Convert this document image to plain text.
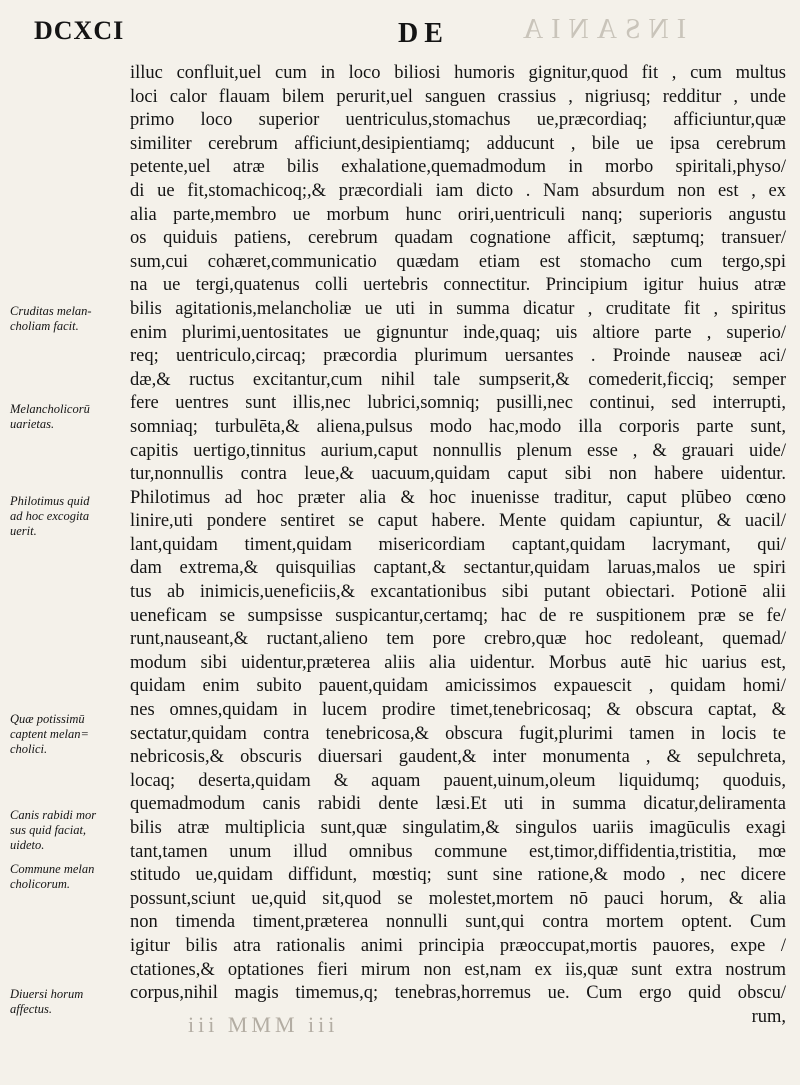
INSANIA
DCXCI	DE

Cruditas melan-
choliam facit.
Melancholicorū
uarietas.
Philotimus quid
ad hoc excogita
uerit.
Quæ potissimū
captent melan=
cholici.
Canis rabidi mor
sus quid faciat,
uideto.
Commune melan
cholicorum.
Diuersi horum
affectus.
illuc confluit,uel cum in loco biliosi humoris gignitur,quod fit , cum multus
loci calor flauam bilem perurit,uel sanguen crassius , nigriusq; redditur , unde
primo loco superior uentriculus,stomachus ue,præcordiaq; afficiuntur,quæ
similiter cerebrum afficiunt,desipientiamq; adducunt , bile ue ipsa cerebrum
petente,uel atræ bilis exhalatione,quemadmodum in morbo spiritali,physo/
di ue fit,stomachicoq;,& præcordiali iam dicto . Nam absurdum non est , ex
alia parte,membro ue morbum hunc oriri,uentriculi nanq; superioris angustu
os quiduis patiens, cerebrum quadam cognatione afficit, sæptumq; transuer/
sum,cui cohæret,communicatio quædam etiam est stomacho cum tergo,spi
na ue tergi,quatenus colli uertebris connectitur. Principium igitur huius atræ
bilis agitationis,melancholiæ ue uti in summa dicatur , cruditate fit , spiritus
enim plurimi,uentositates ue gignuntur inde,quaq; uis altiore parte , superio/
req; uentriculo,circaq; præcordia plurimum uersantes . Proinde nauseæ aci/
dæ,& ructus excitantur,cum nihil tale sumpserit,& comederit,ficciq; semper
fere uentres sunt illis,nec lubrici,somniq; pusilli,nec continui, sed interrupti,
somniaq; turbulēta,& aliena,pulsus modo hac,modo illa corporis parte sunt,
capitis uertigo,tinnitus aurium,caput nonnullis plenum esse , & grauari uide/
tur,nonnullis contra leue,& uacuum,quidam caput sibi non habere uidentur.
Philotimus ad hoc præter alia & hoc inuenisse traditur, caput plūbeo cœno
linire,uti pondere sentiret se caput habere. Mente quidam capiuntur, & uacil/
lant,quidam timent,quidam misericordiam captant,quidam lacrymant, qui/
dam extrema,& quisquilias captant,& sectantur,quidam laruas,malos ue spiri
tus ab inimicis,ueneficiis,& excantationibus sibi putant obiectari. Potionē alii
ueneficam se sumpsisse suspicantur,certamq; hac de re suspitionem præ se fe/
runt,nauseant,& ructant,alieno tem pore crebro,quæ hoc redoleant, quemad/
modum sibi uidentur,præterea aliis alia uidentur. Morbus autē hic uarius est,
quidam enim subito pauent,quidam amicissimos expauescit , quidam homi/
nes omnes,quidam in lucem prodire timet,tenebricosaq; & obscura captat, &
sectatur,quidam contra tenebricosa,& obscura fugit,plurimi tamen in locis te
nebricosis,& obscuris diuersari gaudent,& inter monumenta , & sepulchreta,
locaq; deserta,quidam & aquam pauent,uinum,oleum liquidumq; quoduis,
quemadmodum canis rabidi dente læsi.Et uti in summa dicatur,deliramenta
bilis atræ multiplicia sunt,quæ singulatim,& singulos uariis imagūculis exagi
tant,tamen unum illud omnibus commune est,timor,diffidentia,tristitia, mœ
stitudo ue,quidam diffidunt, mœstiq; sunt sine ratione,& modo , nec dicere
possunt,sciunt ue,quid sit,quod se molestet,mortem nō pauci horum, & alia
non timenda timent,præterea nonnulli sunt,qui contra mortem optent. Cum
igitur bilis atra rationalis animi principia præoccupat,mortis pauores, expe /
ctationes,& optationes fieri mirum non est,nam ex iis,quæ sunt extra nostrum
corpus,nihil magis timemus,q; tenebras,horremus ue. Cum ergo quid obscu/
rum,
iii MMM iii
